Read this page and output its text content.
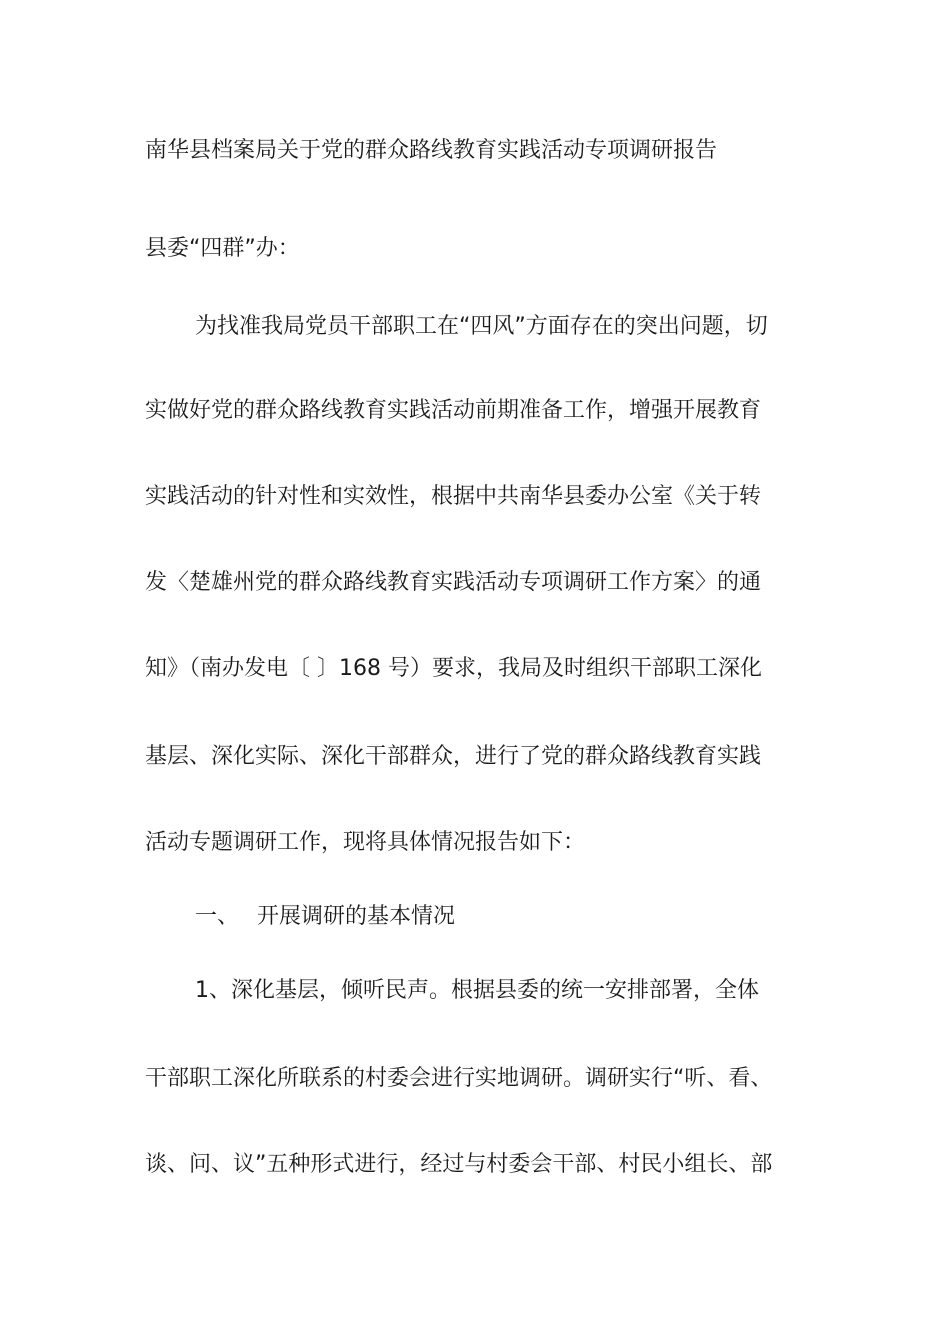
南华县档案局关于党的群众路线教育实践活动专项调研报告
县委“四群”办：
为找准我局党员干部职工在“四风”方面存在的突出问题，切
实做好党的群众路线教育实践活动前期准备工作，增强开展教育
实践活动的针对性和实效性，根据中共南华县委办公室《关于转
发〈楚雄州党的群众路线教育实践活动专项调研工作方案〉的通
知》（南办发电〔 〕168 号）要求，我局及时组织干部职工深化
基层、深化实际、深化干部群众，进行了党的群众路线教育实践
活动专题调研工作，现将具体情况报告如下：
一、 开展调研的基本情况
1、深化基层，倾听民声。根据县委的统一安排部署，全体
干部职工深化所联系的村委会进行实地调研。调研实行“听、看、
谈、问、议”五种形式进行，经过与村委会干部、村民小组长、部
